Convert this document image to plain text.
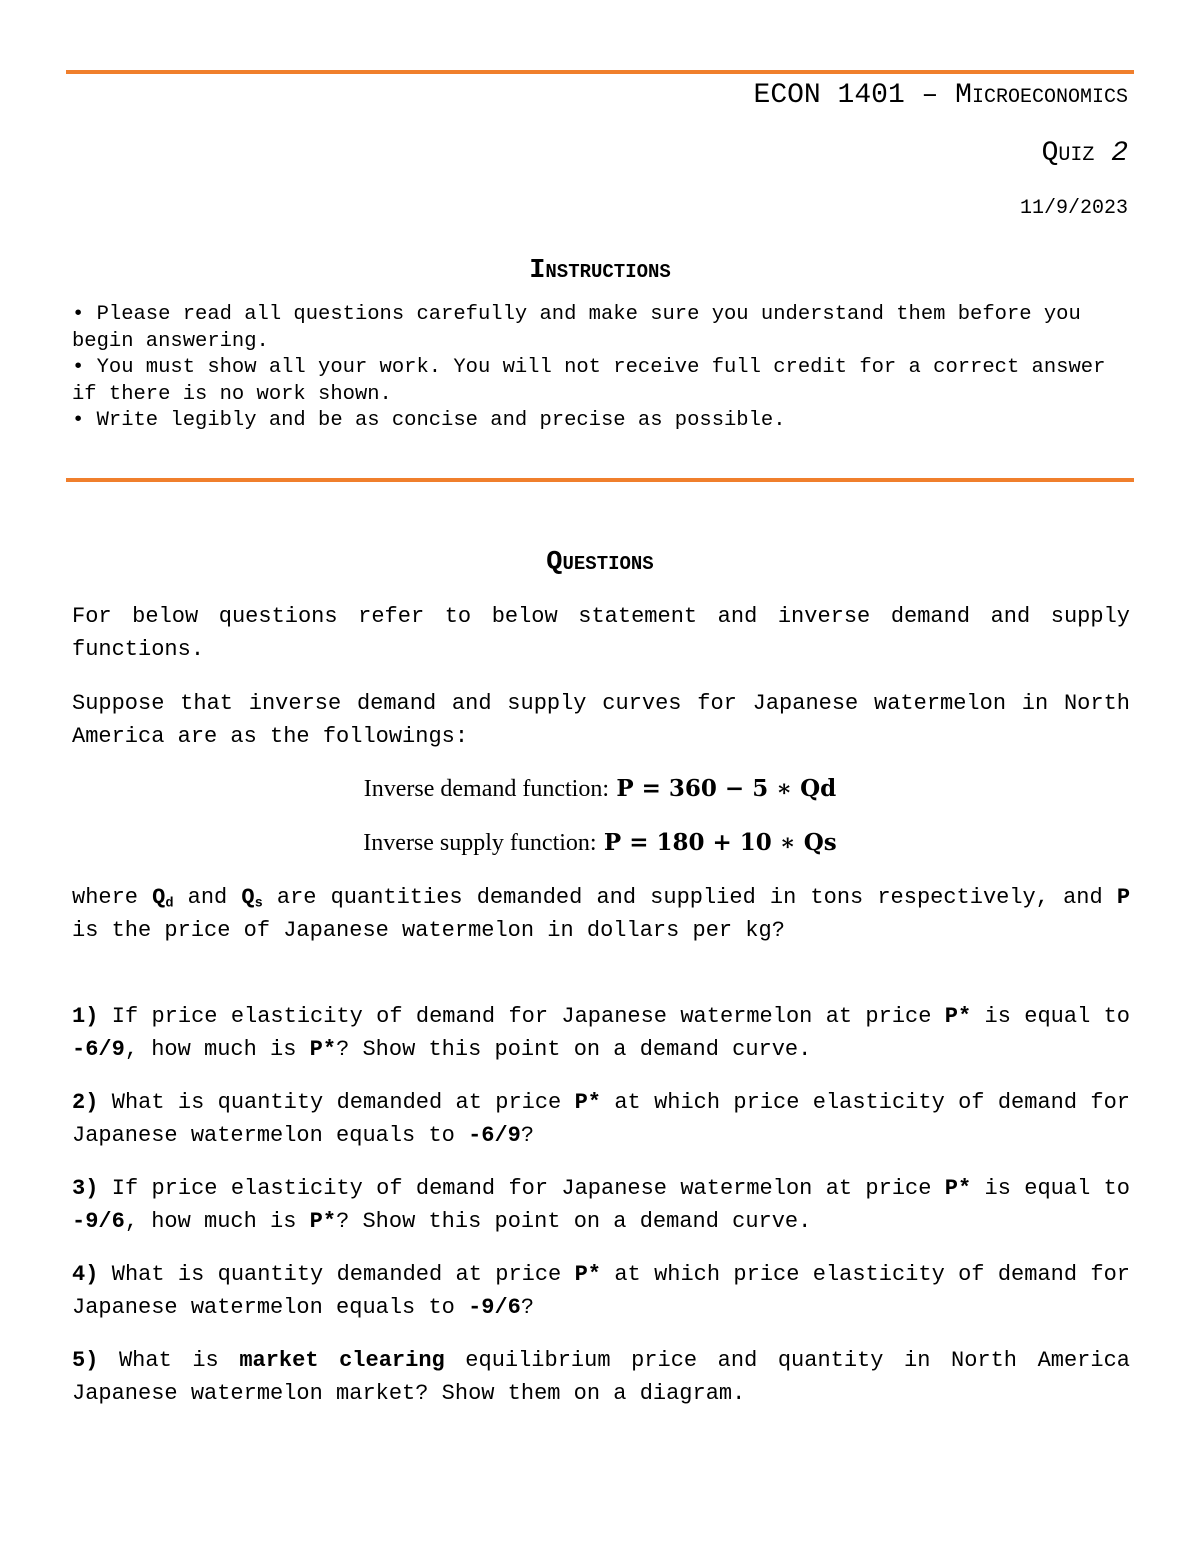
ECON 1401 – Microeconomics
Quiz 2
11/9/2023
Instructions
• Please read all questions carefully and make sure you understand them before you begin answering.
• You must show all your work. You will not receive full credit for a correct answer if there is no work shown.
• Write legibly and be as concise and precise as possible.
Questions
For below questions refer to below statement and inverse demand and supply functions.
Suppose that inverse demand and supply curves for Japanese watermelon in North America are as the followings:
Inverse demand function: P = 360 − 5 ∗ Qd
Inverse supply function: P = 180 + 10 ∗ Qs
where $Q_d$ and $Q_s$ are quantities demanded and supplied in tons respectively, and P is the price of Japanese watermelon in dollars per kg?
1) If price elasticity of demand for Japanese watermelon at price P* is equal to -6/9, how much is P*? Show this point on a demand curve.
2) What is quantity demanded at price P* at which price elasticity of demand for Japanese watermelon equals to -6/9?
3) If price elasticity of demand for Japanese watermelon at price P* is equal to -9/6, how much is P*? Show this point on a demand curve.
4) What is quantity demanded at price P* at which price elasticity of demand for Japanese watermelon equals to -9/6?
5) What is market clearing equilibrium price and quantity in North America Japanese watermelon market? Show them on a diagram.
